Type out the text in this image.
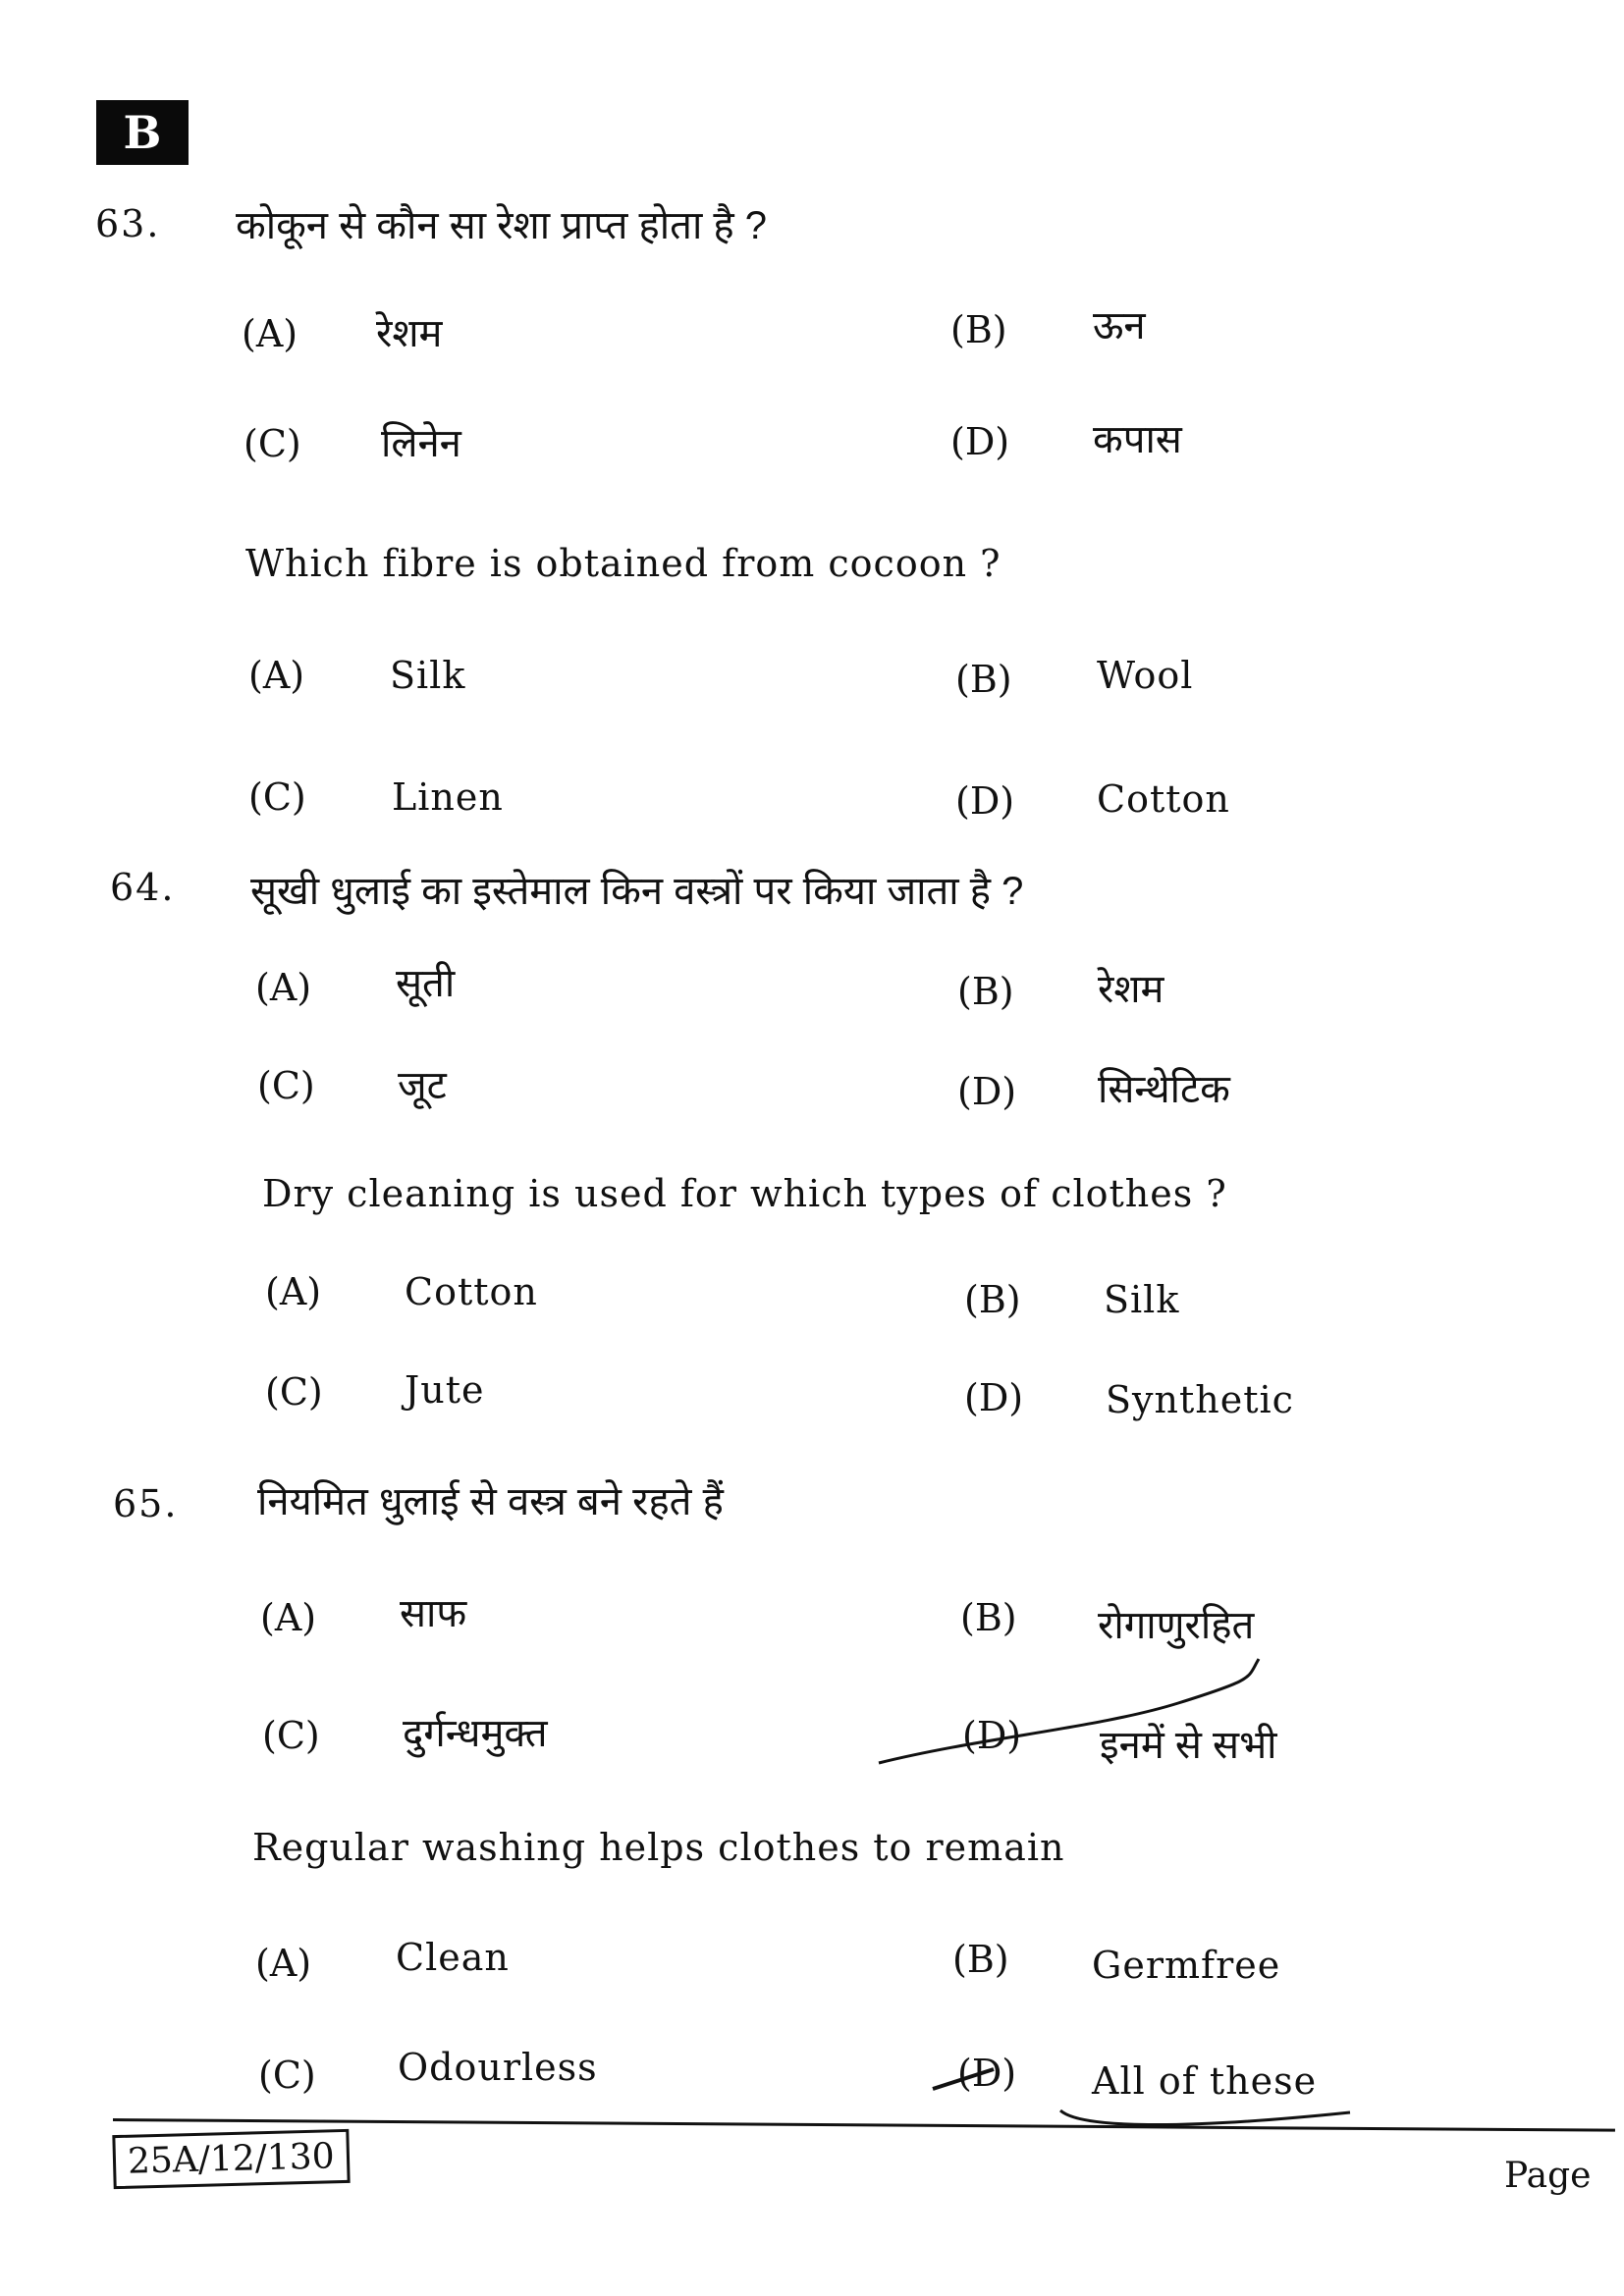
B
63. कोकून से कौन सा रेशा प्राप्त होता है ?
(A) रेशम	(B) ऊन
(C) लिनेन	(D) कपास
Which fibre is obtained from cocoon ?
(A) Silk	(B) Wool
(C) Linen	(D) Cotton
64. सूखी धुलाई का इस्तेमाल किन वस्त्रों पर किया जाता है ?
(A) सूती	(B) रेशम
(C) जूट	(D) सिन्थेटिक
Dry cleaning is used for which types of clothes ?
(A) Cotton	(B) Silk
(C) Jute	(D) Synthetic
65. नियमित धुलाई से वस्त्र बने रहते हैं
(A) साफ	(B) रोगाणुरहित
(C) दुर्गन्धमुक्त	(D) इनमें से सभी
Regular washing helps clothes to remain
(A) Clean	(B) Germfree
(C) Odourless	(D) All of these
25A/12/130	Page
